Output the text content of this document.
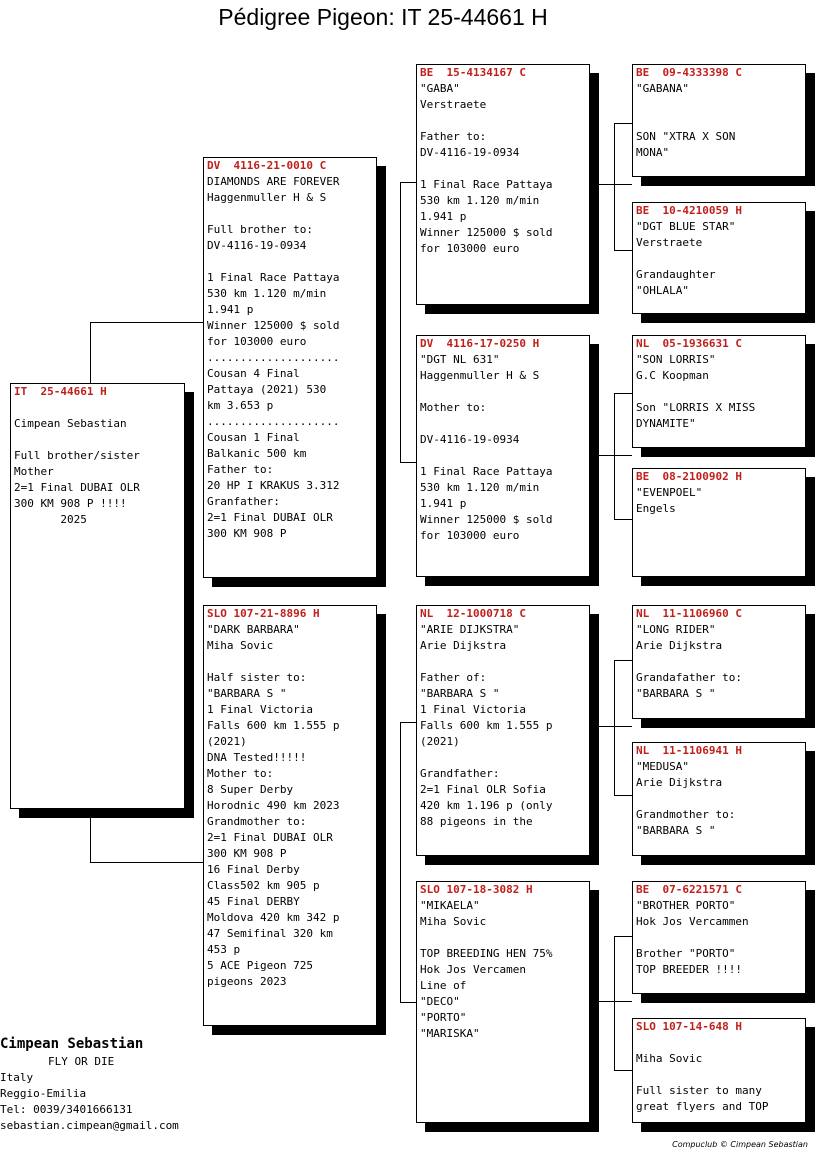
Pédigree Pigeon: IT 25-44661 H
IT  25-44661 H

Cimpean Sebastian

Full brother/sister
Mother
2=1 Final DUBAI OLR
300 KM 908 P !!!!
2025
DV  4116-21-0010 C
DIAMONDS ARE FOREVER
Haggenmuller H & S

Full brother to:
DV-4116-19-0934

1 Final Race Pattaya
530 km 1.120 m/min
1.941 p
Winner 125000 $ sold
for 103000 euro
....................
Cousan 4 Final
Pattaya (2021) 530
km 3.653 p
....................
Cousan 1 Final
Balkanic 500 km
Father to:
20 HP I KRAKUS 3.312
Granfather:
2=1 Final DUBAI OLR
300 KM 908 P
SLO 107-21-8896 H
"DARK BARBARA"
Miha Sovic

Half sister to:
"BARBARA S "
1 Final Victoria
Falls 600 km 1.555 p
(2021)
DNA Tested!!!!!
Mother to:
8 Super Derby
Horodnic 490 km 2023
Grandmother to:
2=1 Final DUBAI OLR
300 KM 908 P
16 Final Derby
Class502 km 905 p
45 Final DERBY
Moldova 420 km 342 p
47 Semifinal 320 km
453 p
5 ACE Pigeon 725
pigeons 2023
BE  15-4134167 C
"GABA"
Verstraete

Father to:
DV-4116-19-0934

1 Final Race Pattaya
530 km 1.120 m/min
1.941 p
Winner 125000 $ sold
for 103000 euro
DV  4116-17-0250 H
"DGT NL 631"
Haggenmuller H & S

Mother to:

DV-4116-19-0934

1 Final Race Pattaya
530 km 1.120 m/min
1.941 p
Winner 125000 $ sold
for 103000 euro
NL  12-1000718 C
"ARIE DIJKSTRA"
Arie Dijkstra

Father of:
"BARBARA S "
1 Final Victoria
Falls 600 km 1.555 p
(2021)

Grandfather:
2=1 Final OLR Sofia
420 km 1.196 p (only
88 pigeons in the
SLO 107-18-3082 H
"MIKAELA"
Miha Sovic

TOP BREEDING HEN 75%
Hok Jos Vercamen
Line of
"DECO"
"PORTO"
"MARISKA"
BE  09-4333398 C
"GABANA"

SON "XTRA X SON
MONA"
BE  10-4210059 H
"DGT BLUE STAR"
Verstraete

Grandaughter
"OHLALA"
NL  05-1936631 C
"SON LORRIS"
G.C Koopman

Son "LORRIS X MISS
DYNAMITE"
BE  08-2100902 H
"EVENPOEL"
Engels
NL  11-1106960 C
"LONG RIDER"
Arie Dijkstra

Grandafather to:
"BARBARA S "
NL  11-1106941 H
"MEDUSA"
Arie Dijkstra

Grandmother to:
"BARBARA S "
BE  07-6221571 C
"BROTHER PORTO"
Hok Jos Vercammen

Brother "PORTO"
TOP BREEDER !!!!
SLO 107-14-648 H

Miha Sovic

Full sister to many
great flyers and TOP
Cimpean Sebastian
FLY OR DIE
Italy
Reggio-Emilia
Tel: 0039/3401666131
sebastian.cimpean@gmail.com
Compuclub © Cimpean Sebastian
